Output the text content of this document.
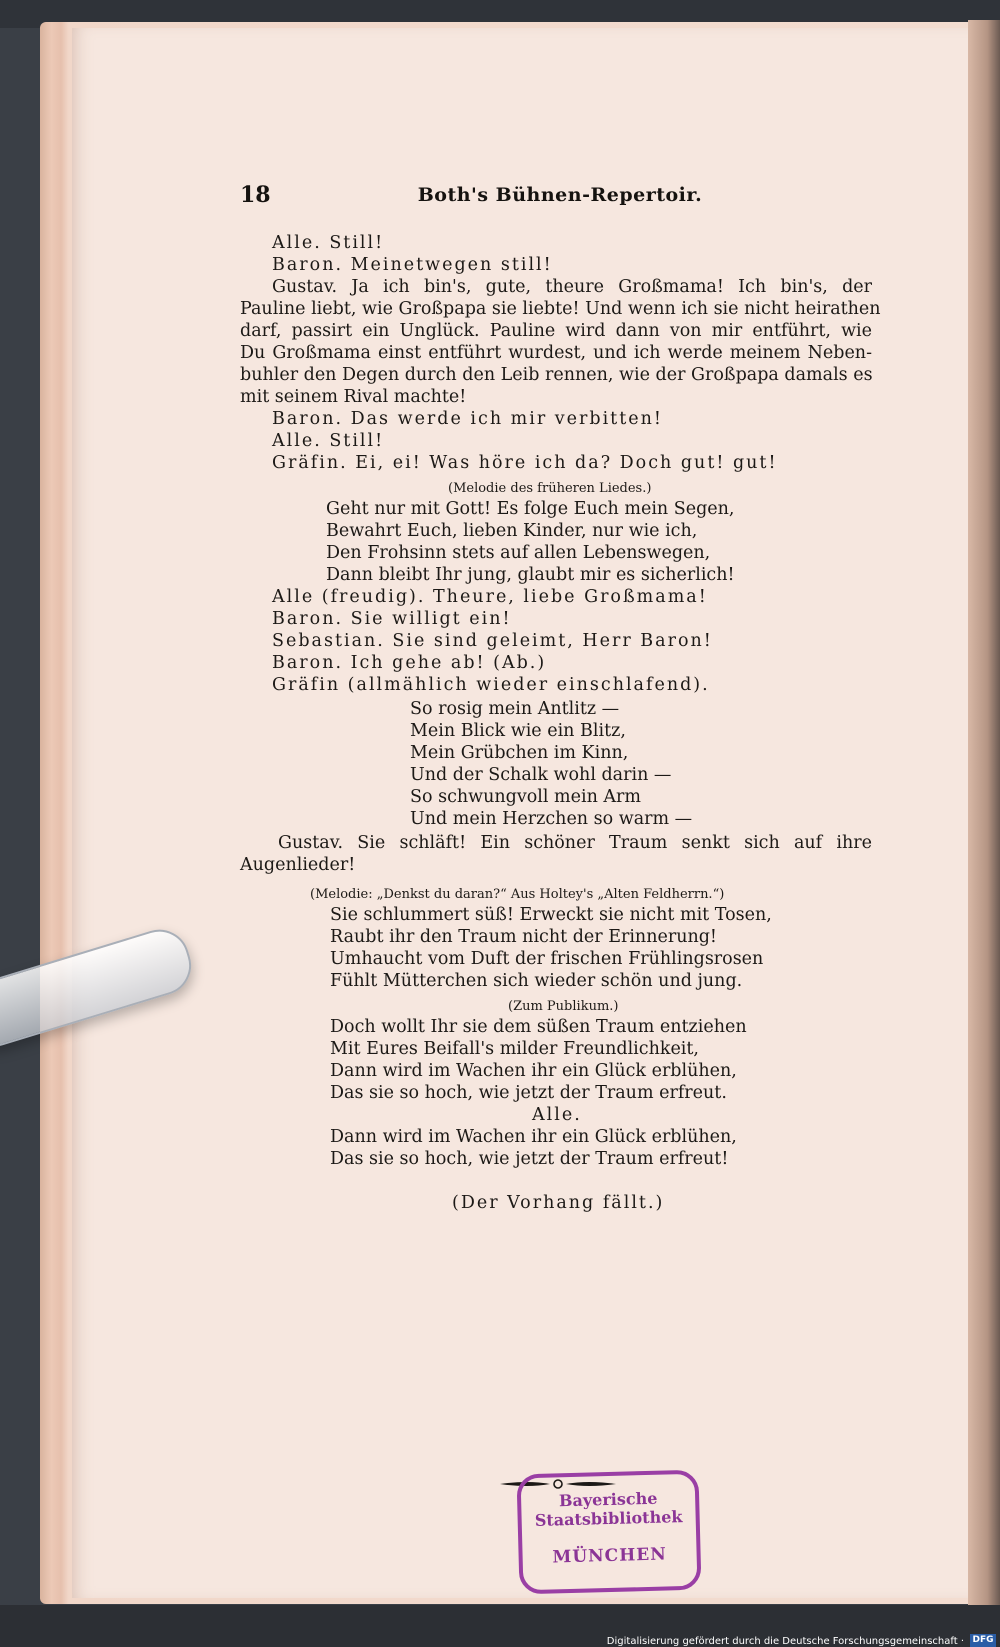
18	Both's Bühnen-Repertoir.
Alle. Still!
Baron. Meinetwegen still!
Gustav. Ja ich bin's, gute, theure Großmama! Ich bin's, der
Pauline liebt, wie Großpapa sie liebte! Und wenn ich sie nicht heirathen
darf, passirt ein Unglück. Pauline wird dann von mir entführt, wie
Du Großmama einst entführt wurdest, und ich werde meinem Neben-
buhler den Degen durch den Leib rennen, wie der Großpapa damals es
mit seinem Rival machte!
Baron. Das werde ich mir verbitten!
Alle. Still!
Gräfin. Ei, ei! Was höre ich da? Doch gut! gut!
(Melodie des früheren Liedes.)
Geht nur mit Gott! Es folge Euch mein Segen,
Bewahrt Euch, lieben Kinder, nur wie ich,
Den Frohsinn stets auf allen Lebenswegen,
Dann bleibt Ihr jung, glaubt mir es sicherlich!
Alle (freudig). Theure, liebe Großmama!
Baron. Sie willigt ein!
Sebastian. Sie sind geleimt, Herr Baron!
Baron. Ich gehe ab! (Ab.)
Gräfin (allmählich wieder einschlafend).
So rosig mein Antlitz —
Mein Blick wie ein Blitz,
Mein Grübchen im Kinn,
Und der Schalk wohl darin —
So schwungvoll mein Arm
Und mein Herzchen so warm —
Gustav. Sie schläft! Ein schöner Traum senkt sich auf ihre
Augenlieder!
(Melodie: „Denkst du daran?“ Aus Holtey's „Alten Feldherrn.“)
Sie schlummert süß! Erweckt sie nicht mit Tosen,
Raubt ihr den Traum nicht der Erinnerung!
Umhaucht vom Duft der frischen Frühlingsrosen
Fühlt Mütterchen sich wieder schön und jung.
(Zum Publikum.)
Doch wollt Ihr sie dem süßen Traum entziehen
Mit Eures Beifall's milder Freundlichkeit,
Dann wird im Wachen ihr ein Glück erblühen,
Das sie so hoch, wie jetzt der Traum erfreut.
Alle.
Dann wird im Wachen ihr ein Glück erblühen,
Das sie so hoch, wie jetzt der Traum erfreut!
(Der Vorhang fällt.)
Bayerische
Staatsbibliothek
MÜNCHEN
Digitalisierung gefördert durch die Deutsche Forschungsgemeinschaft · DFG
